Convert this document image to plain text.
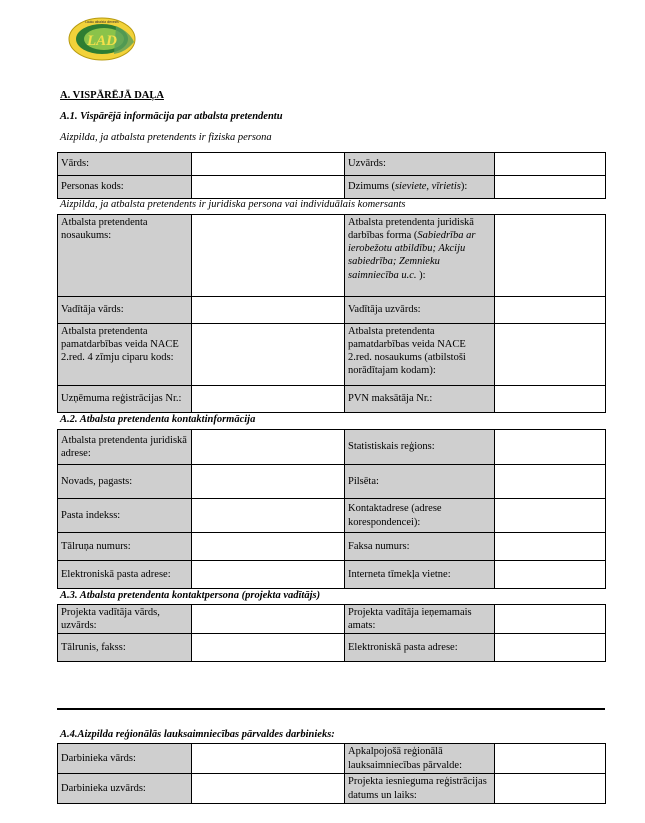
LAD
Lauku atbalsta dienests
A. VISPĀRĒJĀ DAĻA
A.1. Vispārējā informācija par atbalsta pretendentu
Aizpilda, ja atbalsta pretendents ir fiziska persona
Vārds:		Uzvārds:	
Personas kods:		Dzimums (sieviete, vīrietis):	
Aizpilda, ja atbalsta pretendents ir juridiska persona vai individuālais komersants
Atbalsta pretendenta nosaukums:		Atbalsta pretendenta juridiskā darbības forma (Sabiedrība ar ierobežotu atbildību; Akciju sabiedrība; Zemnieku saimniecība u.c. ):	
Vadītāja vārds:		Vadītāja uzvārds:	
Atbalsta pretendenta pamatdarbības veida NACE 2.red. 4 zīmju ciparu kods:		Atbalsta pretendenta pamatdarbības veida NACE 2.red. nosaukums (atbilstoši norādītajam kodam):	
Uzņēmuma reģistrācijas Nr.:		PVN maksātāja Nr.:	
A.2. Atbalsta pretendenta kontaktinformācija
Atbalsta pretendenta juridiskā adrese:		Statistiskais reģions:	
Novads, pagasts:		Pilsēta:	
Pasta indekss:		Kontaktadrese (adrese korespondencei):	
Tālruņa numurs:		Faksa numurs:	
Elektroniskā pasta adrese:		Interneta tīmekļa vietne:	
A.3. Atbalsta pretendenta kontaktpersona (projekta vadītājs)
Projekta vadītāja vārds, uzvārds:		Projekta vadītāja ieņemamais amats:	
Tālrunis, fakss:		Elektroniskā pasta adrese:	
A.4.Aizpilda reģionālās lauksaimniecības pārvaldes darbinieks:
Darbinieka vārds:		Apkalpojošā reģionālā lauksaimniecības pārvalde:	
Darbinieka uzvārds:		Projekta iesnieguma reģistrācijas datums un laiks:	
